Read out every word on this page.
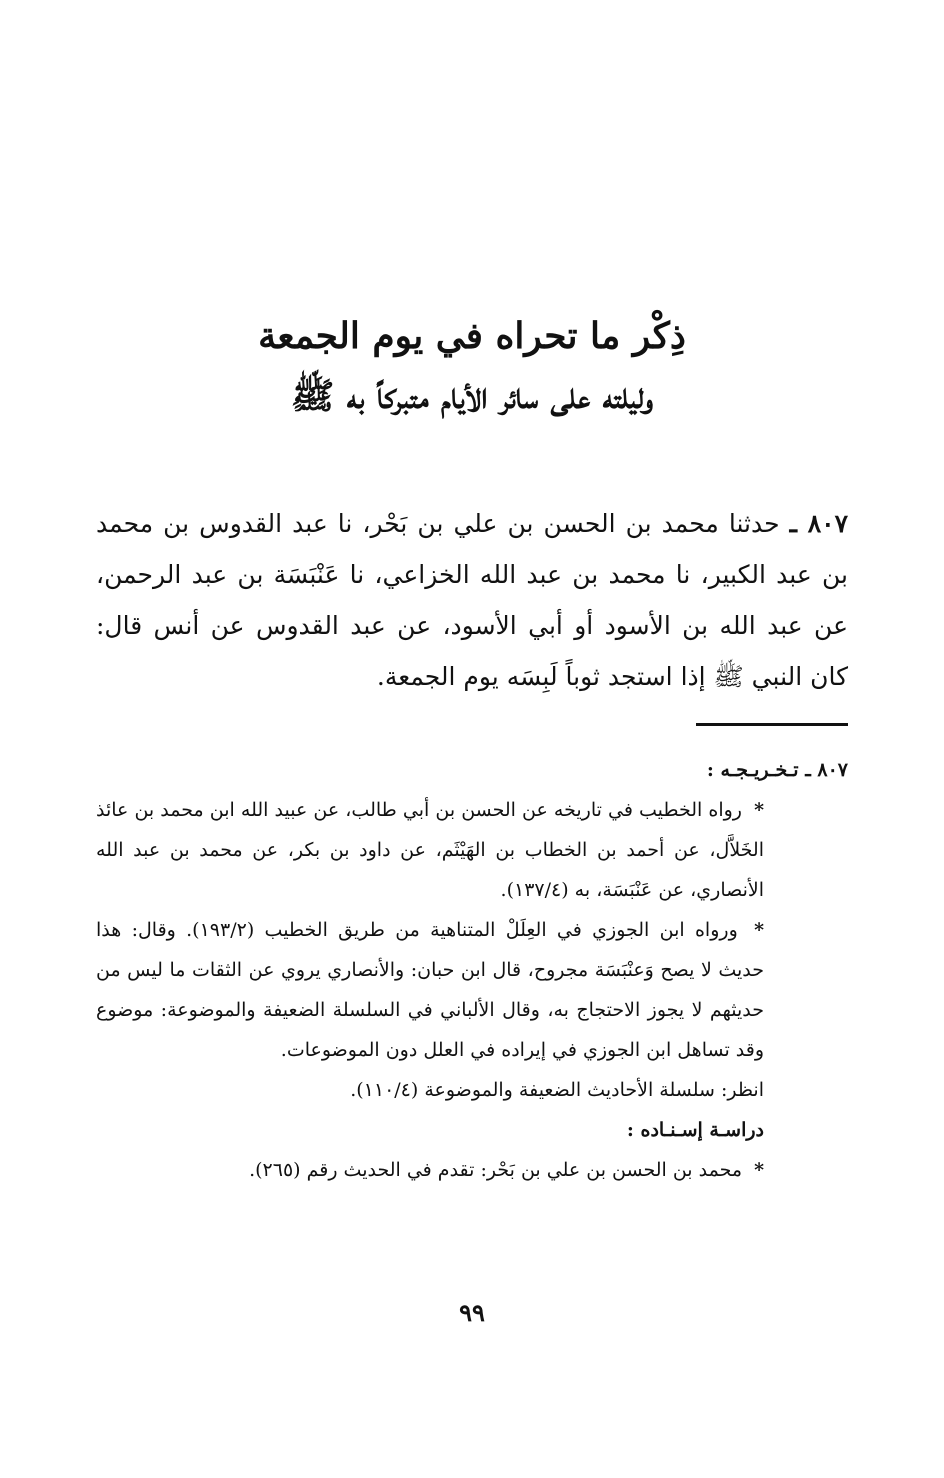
ذِكْر ما تحراه في يوم الجمعة
وليلته على سائر الأيام متبركاً به ﷺ

٨٠٧ ـ حدثنا محمد بن الحسن بن علي بن بَحْر، نا عبد القدوس بن محمد بن عبد الكبير، نا محمد بن عبد الله الخزاعي، نا عَنْبَسَة بن عبد الرحمن، عن عبد الله بن الأسود أو أبي الأسود، عن عبد القدوس عن أنس قال: كان النبي ﷺ إذا استجد ثوباً لَبِسَه يوم الجمعة.

٨٠٧ ـ تـخـريـجـه :

* رواه الخطيب في تاريخه عن الحسن بن أبي طالب، عن عبيد الله ابن محمد بن عائذ الخَلاَّل، عن أحمد بن الخطاب بن الهَيْثَم، عن داود بن بكر، عن محمد بن عبد الله الأنصاري، عن عَنْبَسَة، به (١٣٧/٤).

* ورواه ابن الجوزي في العِلَلْ المتناهية من طريق الخطيب (١٩٣/٢). وقال: هذا حديث لا يصح وَعنْبَسَة مجروح، قال ابن حبان: والأنصاري يروي عن الثقات ما ليس من حديثهم لا يجوز الاحتجاج به، وقال الألباني في السلسلة الضعيفة والموضوعة: موضوع وقد تساهل ابن الجوزي في إيراده في العلل دون الموضوعات.

انظر: سلسلة الأحاديث الضعيفة والموضوعة (١١٠/٤).

دراسـة إسـنـاده :

* محمد بن الحسن بن علي بن بَحْر: تقدم في الحديث رقم (٢٦٥).

٩٩
